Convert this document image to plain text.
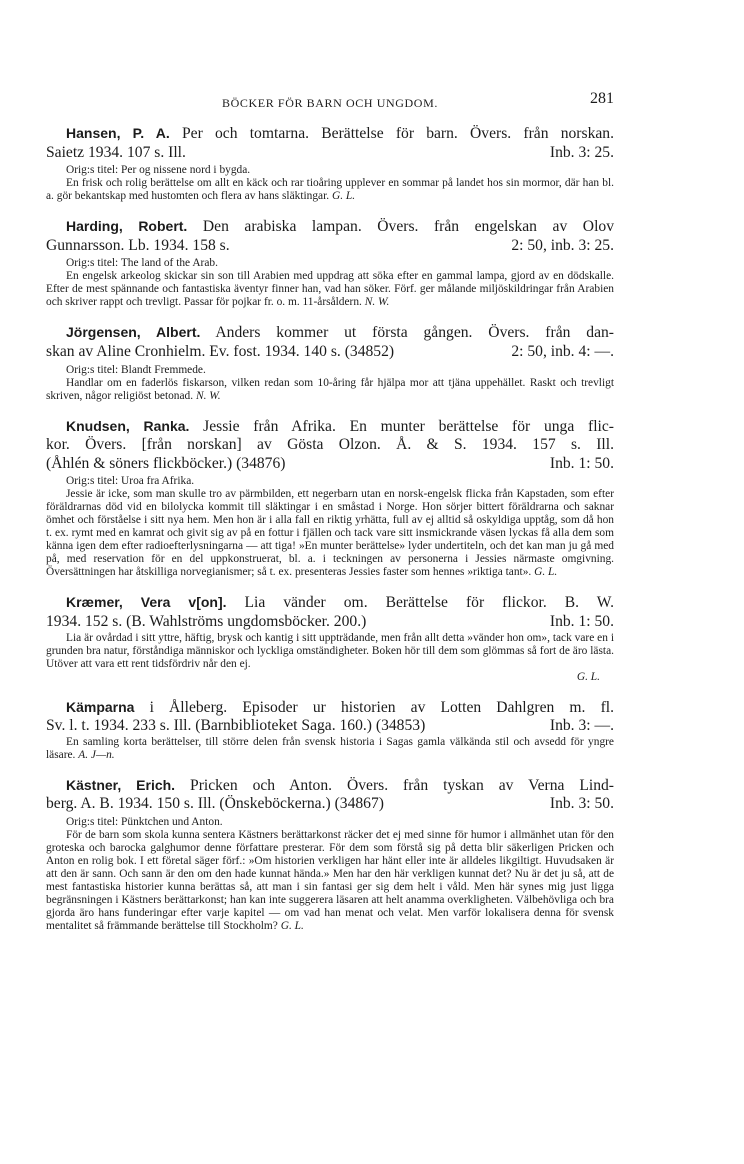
BÖCKER FÖR BARN OCH UNGDOM.	281
Hansen, P. A. Per och tomtarna. Berättelse för barn. Övers. från norskan.
Saietz 1934. 107 s. Ill.	Inb. 3: 25.
Orig:s titel: Per og nissene nord i bygda.
En frisk och rolig berättelse om allt en käck och rar tioåring upplever en sommar på landet hos sin mormor, där han bl. a. gör bekantskap med hustomten och flera av hans släktingar. G. L.
Harding, Robert. Den arabiska lampan. Övers. från engelskan av Olov
Gunnarsson. Lb. 1934. 158 s.	2: 50, inb. 3: 25.
Orig:s titel: The land of the Arab.
En engelsk arkeolog skickar sin son till Arabien med uppdrag att söka efter en gammal lampa, gjord av en dödskalle. Efter de mest spännande och fantastiska äventyr finner han, vad han söker. Förf. ger målande miljöskildringar från Arabien och skriver rappt och trevligt. Passar för pojkar fr. o. m. 11-årsåldern. N. W.
Jörgensen, Albert. Anders kommer ut första gången. Övers. från dan-
skan av Aline Cronhielm. Ev. fost. 1934. 140 s. (34852)	2: 50, inb. 4: —.
Orig:s titel: Blandt Fremmede.
Handlar om en faderlös fiskarson, vilken redan som 10-åring får hjälpa mor att tjäna uppehället. Raskt och trevligt skriven, någor religiöst betonad. N. W.
Knudsen, Ranka. Jessie från Afrika. En munter berättelse för unga flic-
kor. Övers. [från norskan] av Gösta Olzon. Å. & S. 1934. 157 s. Ill.
(Åhlén & söners flickböcker.) (34876)	Inb. 1: 50.
Orig:s titel: Uroa fra Afrika.
Jessie är icke, som man skulle tro av pärmbilden, ett negerbarn utan en norsk-engelsk flicka från Kapstaden, som efter föräldrarnas död vid en bilolycka kommit till släktingar i en småstad i Norge. Hon sörjer bittert föräldrarna och saknar ömhet och förståelse i sitt nya hem. Men hon är i alla fall en riktig yrhätta, full av ej alltid så oskyldiga upptåg, som då hon t. ex. rymt med en kamrat och givit sig av på en fottur i fjällen och tack vare sitt insmickrande väsen lyckas få alla dem som känna igen dem efter radioefterlysningarna — att tiga! »En munter berättelse» lyder undertiteln, och det kan man ju gå med på, med reservation för en del uppkonstruerat, bl. a. i teckningen av personerna i Jessies närmaste omgivning. Översättningen har åtskilliga norvegianismer; så t. ex. presenteras Jessies faster som hennes »riktiga tant». G. L.
Kræmer, Vera v[on]. Lia vänder om. Berättelse för flickor. B. W.
1934. 152 s. (B. Wahlströms ungdomsböcker. 200.)	Inb. 1: 50.
Lia är ovårdad i sitt yttre, häftig, brysk och kantig i sitt uppträdande, men från allt detta »vänder hon om», tack vare en i grunden bra natur, förståndiga människor och lyckliga omständigheter. Boken hör till dem som glömmas så fort de äro lästa. Utöver att vara ett rent tidsfördriv når den ej.
G. L.
Kämparna i Ålleberg. Episoder ur historien av Lotten Dahlgren m. fl.
Sv. l. t. 1934. 233 s. Ill. (Barnbiblioteket Saga. 160.) (34853)	Inb. 3: —.
En samling korta berättelser, till större delen från svensk historia i Sagas gamla välkända stil och avsedd för yngre läsare. A. J—n.
Kästner, Erich. Pricken och Anton. Övers. från tyskan av Verna Lind-
berg. A. B. 1934. 150 s. Ill. (Önskeböckerna.) (34867)	Inb. 3: 50.
Orig:s titel: Pünktchen und Anton.
För de barn som skola kunna sentera Kästners berättarkonst räcker det ej med sinne för humor i allmänhet utan för den groteska och barocka galghumor denne författare presterar. För dem som förstå sig på detta blir säkerligen Pricken och Anton en rolig bok. I ett företal säger förf.: »Om historien verkligen har hänt eller inte är alldeles likgiltigt. Huvudsaken är att den är sann. Och sann är den om den hade kunnat hända.» Men har den här verkligen kunnat det? Nu är det ju så, att de mest fantastiska historier kunna berättas så, att man i sin fantasi ger sig dem helt i våld. Men här synes mig just ligga begränsningen i Kästners berättarkonst; han kan inte suggerera läsaren att helt anamma overkligheten. Välbehövliga och bra gjorda äro hans funderingar efter varje kapitel — om vad han menat och velat. Men varför lokalisera denna för svensk mentalitet så främmande berättelse till Stockholm? G. L.
